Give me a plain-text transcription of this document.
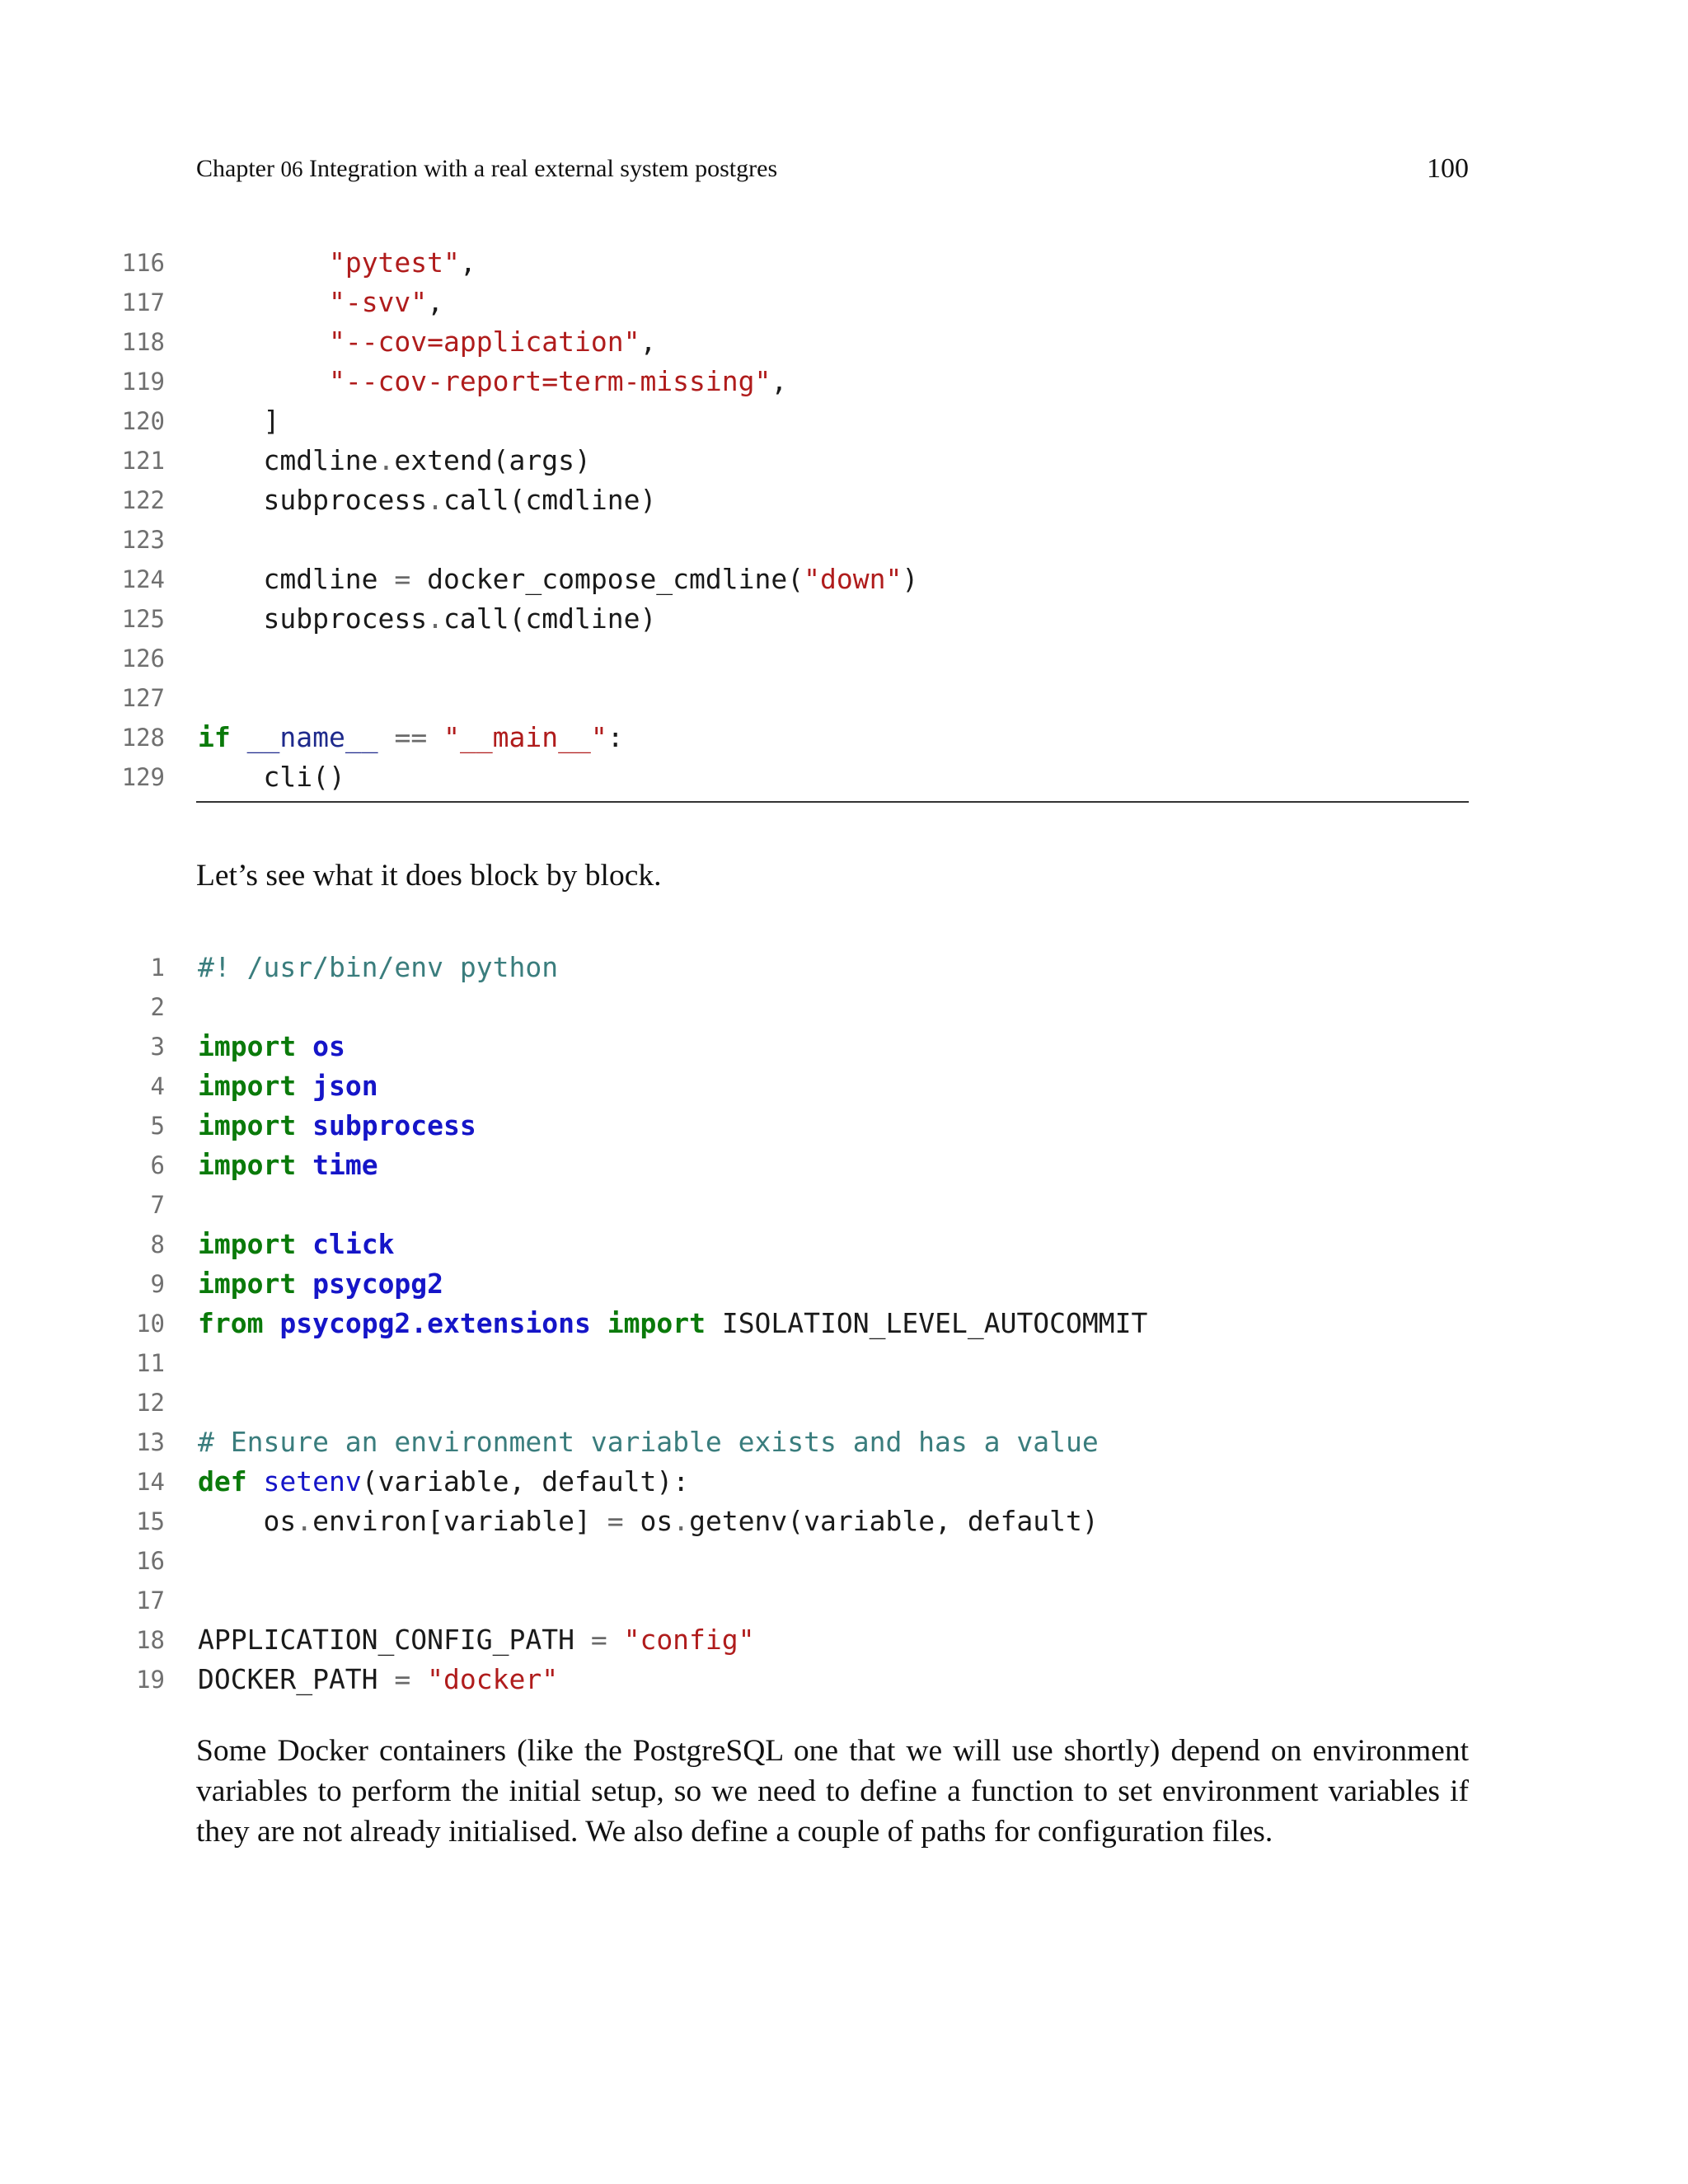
Chapter 06 Integration with a real external system postgres	100
116	"pytest",
117	"-svv",
118	"--cov=application",
119	"--cov-report=term-missing",
120 ]
121 cmdline.extend(args)
122 subprocess.call(cmdline)
123
124 cmdline = docker_compose_cmdline("down")
125 subprocess.call(cmdline)
126
127
128 if __name__ == "__main__":
129 cli()
Let’s see what it does block by block.
1 #! /usr/bin/env python
2
3 import os
4 import json
5 import subprocess
6 import time
7
8 import click
9 import psycopg2
10 from psycopg2.extensions import ISOLATION_LEVEL_AUTOCOMMIT
11
12
13 # Ensure an environment variable exists and has a value
14 def setenv(variable, default):
15 os.environ[variable] = os.getenv(variable, default)
16
17
18 APPLICATION_CONFIG_PATH = "config"
19 DOCKER_PATH = "docker"
Some Docker containers (like the PostgreSQL one that we will use shortly) depend on environment variables to perform the initial setup, so we need to define a function to set environment variables if they are not already initialised. We also define a couple of paths for configuration files.
